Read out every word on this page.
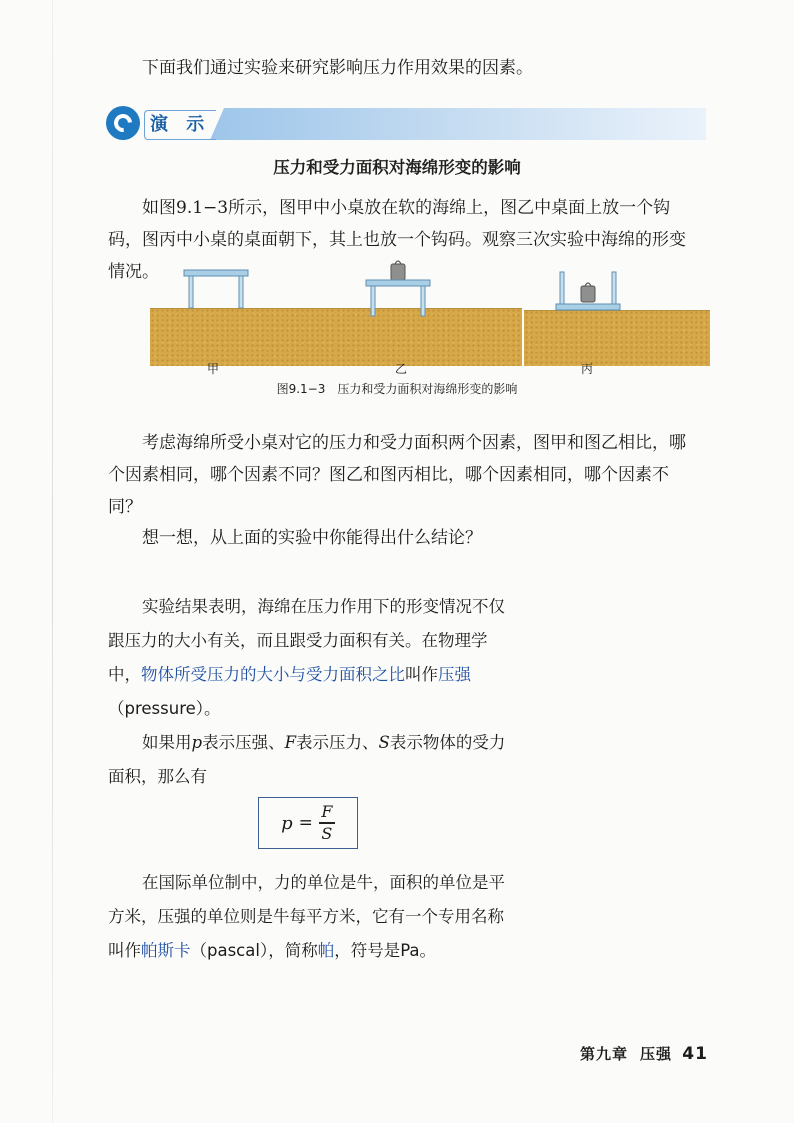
下面我们通过实验来研究影响压力作用效果的因素。

演 示
压力和受力面积对海绵形变的影响

如图9.1−3所示，图甲中小桌放在软的海绵上，图乙中桌面上放一个钩码，图丙中小桌的桌面朝下，其上也放一个钩码。观察三次实验中海绵的形变情况。

甲	乙	丙
图9.1−3 压力和受力面积对海绵形变的影响

考虑海绵所受小桌对它的压力和受力面积两个因素，图甲和图乙相比，哪个因素相同，哪个因素不同？图乙和图丙相比，哪个因素相同，哪个因素不同？

想一想，从上面的实验中你能得出什么结论？

实验结果表明，海绵在压力作用下的形变情况不仅跟压力的大小有关，而且跟受力面积有关。在物理学中，物体所受压力的大小与受力面积之比叫作压强（pressure）。

如果用p表示压强、F表示压力、S表示物体的受力面积，那么有

$p = \frac{F}{S}$

在国际单位制中，力的单位是牛，面积的单位是平方米，压强的单位则是牛每平方米，它有一个专用名称叫作帕斯卡（pascal），简称帕，符号是Pa。

第九章 压强 41
